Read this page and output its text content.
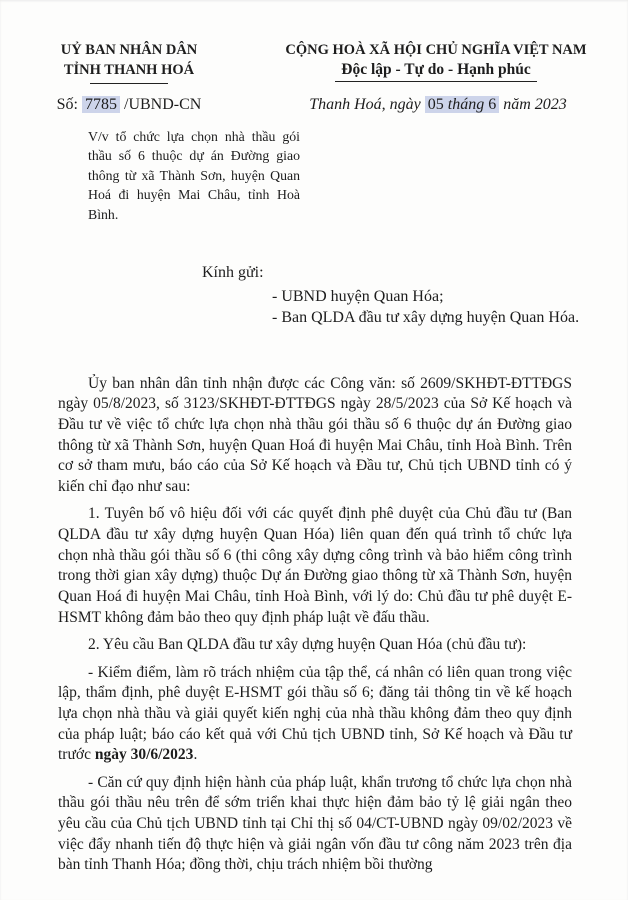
UỶ BAN NHÂN DÂN
TỈNH THANH HOÁ
CỘNG HOÀ XÃ HỘI CHỦ NGHĨA VIỆT NAM
Độc lập - Tự do - Hạnh phúc
Số: 7785 /UBND-CN	Thanh Hoá, ngày 05 tháng 6 năm 2023
V/v tổ chức lựa chọn nhà thầu gói thầu số 6 thuộc dự án Đường giao thông từ xã Thành Sơn, huyện Quan Hoá đi huyện Mai Châu, tỉnh Hoà Bình.
Kính gửi:
- UBND huyện Quan Hóa;
- Ban QLDA đầu tư xây dựng huyện Quan Hóa.

Ủy ban nhân dân tỉnh nhận được các Công văn: số 2609/SKHĐT-ĐTTĐGS ngày 05/8/2023, số 3123/SKHĐT-ĐTTĐGS ngày 28/5/2023 của Sở Kế hoạch và Đầu tư về việc tổ chức lựa chọn nhà thầu gói thầu số 6 thuộc dự án Đường giao thông từ xã Thành Sơn, huyện Quan Hoá đi huyện Mai Châu, tỉnh Hoà Bình. Trên cơ sở tham mưu, báo cáo của Sở Kế hoạch và Đầu tư, Chủ tịch UBND tỉnh có ý kiến chỉ đạo như sau:

1. Tuyên bố vô hiệu đối với các quyết định phê duyệt của Chủ đầu tư (Ban QLDA đầu tư xây dựng huyện Quan Hóa) liên quan đến quá trình tổ chức lựa chọn nhà thầu gói thầu số 6 (thi công xây dựng công trình và bảo hiểm công trình trong thời gian xây dựng) thuộc Dự án Đường giao thông từ xã Thành Sơn, huyện Quan Hoá đi huyện Mai Châu, tỉnh Hoà Bình, với lý do: Chủ đầu tư phê duyệt E-HSMT không đảm bảo theo quy định pháp luật về đấu thầu.

2. Yêu cầu Ban QLDA đầu tư xây dựng huyện Quan Hóa (chủ đầu tư):

- Kiểm điểm, làm rõ trách nhiệm của tập thể, cá nhân có liên quan trong việc lập, thẩm định, phê duyệt E-HSMT gói thầu số 6; đăng tải thông tin về kế hoạch lựa chọn nhà thầu và giải quyết kiến nghị của nhà thầu không đảm theo quy định của pháp luật; báo cáo kết quả với Chủ tịch UBND tỉnh, Sở Kế hoạch và Đầu tư trước ngày 30/6/2023.

- Căn cứ quy định hiện hành của pháp luật, khẩn trương tổ chức lựa chọn nhà thầu gói thầu nêu trên để sớm triển khai thực hiện đảm bảo tỷ lệ giải ngân theo yêu cầu của Chủ tịch UBND tỉnh tại Chỉ thị số 04/CT-UBND ngày 09/02/2023 về việc đẩy nhanh tiến độ thực hiện và giải ngân vốn đầu tư công năm 2023 trên địa bàn tỉnh Thanh Hóa; đồng thời, chịu trách nhiệm bồi thường
